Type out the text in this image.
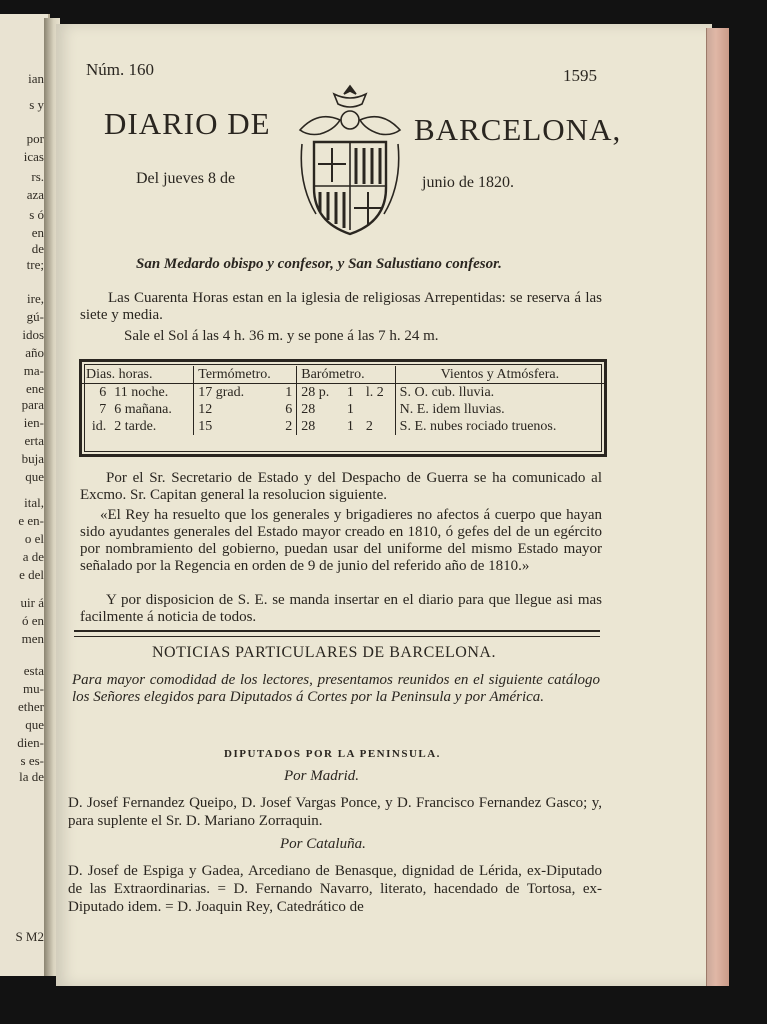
ian
s y
por
icas
rs.
aza
s ó
en
de
tre;
ire,
gú-
idos
año
ma-
ene
para
ien-
erta
buja
que
ital,
e en-
o el
a de
e del
uir á
ó en
men
esta
mu-
ether
que
dien-
s es-
la de
S M2
Núm. 160	1595
DIARIO DE	BARCELONA,
Del jueves 8 de	junio de 1820.
San Medardo obispo y confesor, y San Salustiano confesor.
Las Cuarenta Horas estan en la iglesia de religiosas Arrepentidas: se reserva á las siete y media.
Sale el Sol á las 4 h. 36 m. y se pone á las 7 h. 24 m.
Dias. horas.		Termómetro.		Barómetro.			Vientos y Atmósfera.
6	11 noche.	17 grad.	1	28 p.	1	l. 2	S. O. cub. lluvia.
7	6 mañana.	12	6	28	1		N. E. idem lluvias.
id.	2 tarde.	15	2	28	1	2	S. E. nubes rociado truenos.
Por el Sr. Secretario de Estado y del Despacho de Guerra se ha comunicado al Excmo. Sr. Capitan general la resolucion siguiente.
«El Rey ha resuelto que los generales y brigadieres no afectos á cuerpo que hayan sido ayudantes generales del Estado mayor creado en 1810, ó gefes del de un egército por nombramiento del gobierno, puedan usar del uniforme del mismo Estado mayor señalado por la Regencia en orden de 9 de junio del referido año de 1810.»
Y por disposicion de S. E. se manda insertar en el diario para que llegue asi mas facilmente á noticia de todos.
NOTICIAS PARTICULARES DE BARCELONA.
Para mayor comodidad de los lectores, presentamos reunidos en el siguiente catálogo los Señores elegidos para Diputados á Cortes por la Peninsula y por América.
DIPUTADOS POR LA PENINSULA.
Por Madrid.
D. Josef Fernandez Queipo, D. Josef Vargas Ponce, y D. Francisco Fernandez Gasco; y, para suplente el Sr. D. Mariano Zorraquin.
Por Cataluña.
D. Josef de Espiga y Gadea, Arcediano de Benasque, dignidad de Lérida, ex-Diputado de las Extraordinarias. = D. Fernando Navarro, literato, hacendado de Tortosa, ex-Diputado idem. = D. Joaquin Rey, Catedrático de
